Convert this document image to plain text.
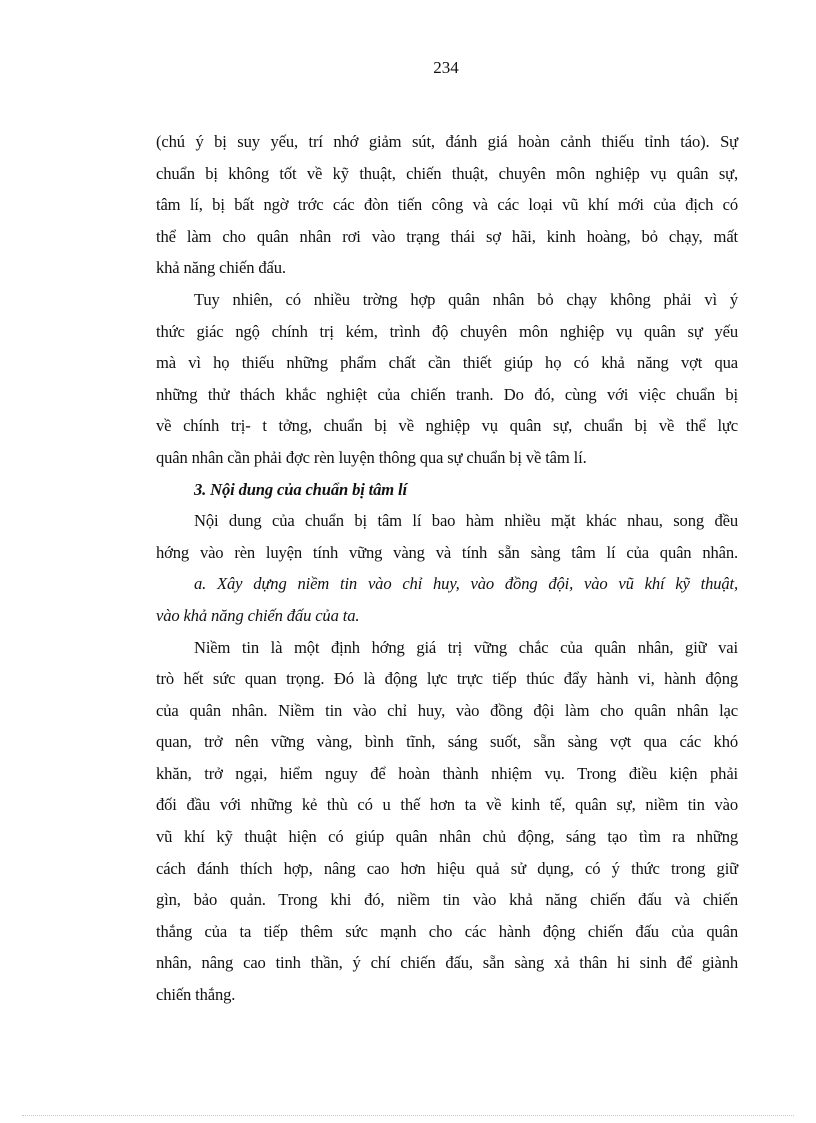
234
(chú ý bị suy yếu, trí nhớ giảm sút, đánh giá hoàn cảnh thiếu tỉnh táo). Sự
chuẩn bị không tốt về kỹ thuật, chiến thuật, chuyên môn nghiệp vụ quân sự,
tâm lí, bị bất ngờ trớc các đòn tiến công và các loại vũ khí mới của địch có
thể làm cho quân nhân rơi vào trạng thái sợ hãi, kinh hoàng, bỏ chạy, mất
khả năng chiến đấu.
Tuy nhiên, có nhiều trờng hợp quân nhân bỏ chạy không phải vì ý
thức giác ngộ chính trị kém, trình độ chuyên môn nghiệp vụ quân sự yếu
mà vì họ thiếu những phẩm chất cần thiết giúp họ có khả năng vợt qua
những thử thách khắc nghiệt của chiến tranh. Do đó, cùng với việc chuẩn bị
về chính trị- t tởng, chuẩn bị về nghiệp vụ quân sự, chuẩn bị về thể lực
quân nhân cần phải đợc rèn luyện thông qua sự chuẩn bị về tâm lí.
3. Nội dung của chuẩn bị tâm lí
Nội dung của chuẩn bị tâm lí bao hàm nhiều mặt khác nhau, song đều
hớng vào rèn luyện tính vững vàng và tính sẵn sàng tâm lí của quân nhân.
a. Xây dựng niềm tin vào chỉ huy, vào đồng đội, vào vũ khí kỹ thuật,
vào khả năng chiến đấu của ta.
Niềm tin là một định hớng giá trị vững chắc của quân nhân, giữ vai
trò hết sức quan trọng. Đó là động lực trực tiếp thúc đẩy hành vi, hành động
của quân nhân. Niềm tin vào chỉ huy, vào đồng đội làm cho quân nhân lạc
quan, trở nên vững vàng, bình tĩnh, sáng suốt, sẵn sàng vợt qua các khó
khăn, trở ngại, hiểm nguy để hoàn thành nhiệm vụ. Trong điều kiện phải
đối đầu với những kẻ thù có u thế hơn ta về kinh tế, quân sự, niềm tin vào
vũ khí kỹ thuật hiện có giúp quân nhân chủ động, sáng tạo tìm ra những
cách đánh thích hợp, nâng cao hơn hiệu quả sử dụng, có ý thức trong giữ
gìn, bảo quản. Trong khi đó, niềm tin vào khả năng chiến đấu và chiến
thắng của ta tiếp thêm sức mạnh cho các hành động chiến đấu của quân
nhân, nâng cao tinh thần, ý chí chiến đấu, sẵn sàng xả thân hi sinh để giành
chiến thắng.
